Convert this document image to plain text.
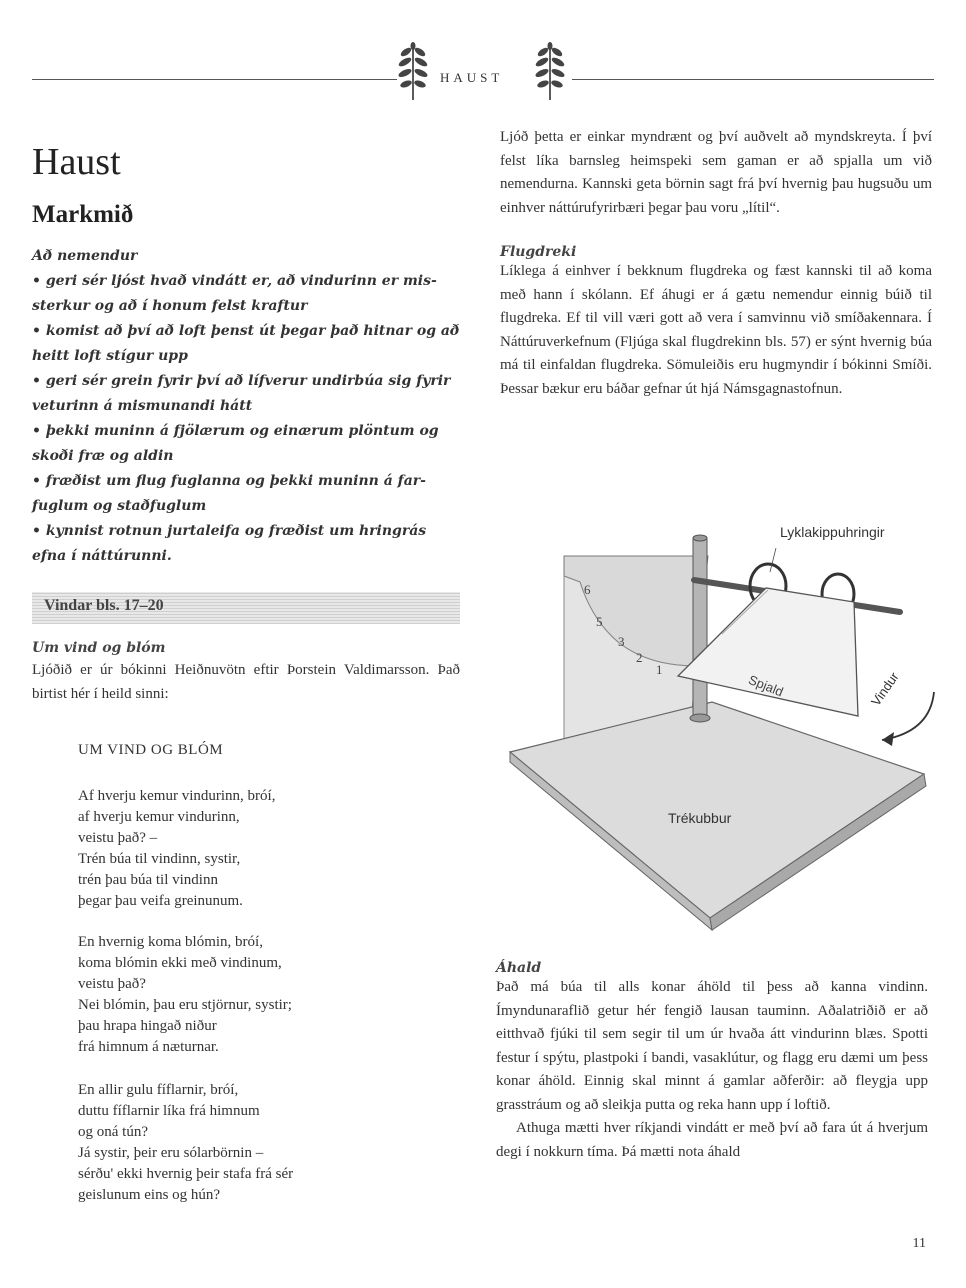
HAUST
Haust
Markmið
Að nemendur
• geri sér ljóst hvað vindátt er, að vindurinn er mis-
sterkur og að í honum felst kraftur
• komist að því að loft þenst út þegar það hitnar og að
heitt loft stígur upp
• geri sér grein fyrir því að lífverur undirbúa sig fyrir
veturinn á mismunandi hátt
• þekki muninn á fjölærum og einærum plöntum og
skoði fræ og aldin
• fræðist um flug fuglanna og þekki muninn á far-
fuglum og staðfuglum
• kynnist rotnun jurtaleifa og fræðist um hringrás
efna í náttúrunni.
Vindar bls. 17–20
Um vind og blóm
Ljóðið er úr bókinni Heiðnuvötn eftir Þorstein Valdimarsson. Það birtist hér í heild sinni:
UM VIND OG BLÓM
Af hverju kemur vindurinn, bróí,
af hverju kemur vindurinn,
veistu það? –
Trén búa til vindinn, systir,
trén þau búa til vindinn
þegar þau veifa greinunum.
En hvernig koma blómin, bróí,
koma blómin ekki með vindinum,
veistu það?
Nei blómin, þau eru stjörnur, systir;
þau hrapa hingað niður
frá himnum á næturnar.
En allir gulu fíflarnir, bróí,
duttu fíflarnir líka frá himnum
og oná tún?
Já systir, þeir eru sólarbörnin –
sérðu' ekki hvernig þeir stafa frá sér
geislunum eins og hún?
Ljóð þetta er einkar myndrænt og því auðvelt að myndskreyta. Í því felst líka barnsleg heimspeki sem gaman er að spjalla um við nemendurna. Kannski geta börnin sagt frá því hvernig þau hugsuðu um einhver náttúrufyrirbæri þegar þau voru „lítil“.
Flugdreki
Líklega á einhver í bekknum flugdreka og fæst kannski til að koma með hann í skólann. Ef áhugi er á gætu nemendur einnig búið til flugdreka. Ef til vill væri gott að vera í samvinnu við smíðakennara. Í Náttúruverkefnum (Fljúga skal flugdrekinn bls. 57) er sýnt hvernig búa má til einfaldan flugdreka. Sömuleiðis eru hugmyndir í bókinni Smíði. Þessar bækur eru báðar gefnar út hjá Námsgagnastofnun.
6
5
3
2
1
Lyklakippuhringir
Spjald	Vindur
Trékubbur
Áhald
Það má búa til alls konar áhöld til þess að kanna vindinn. Ímyndunaraflið getur hér fengið lausan tauminn. Aðalatriðið er að eitthvað fjúki til sem segir til um úr hvaða átt vindurinn blæs. Spotti festur í spýtu, plastpoki í bandi, vasaklútur, og flagg eru dæmi um þess konar áhöld. Einnig skal minnt á gamlar aðferðir: að fleygja upp grasstráum og að sleikja putta og reka hann upp í loftið.
Athuga mætti hver ríkjandi vindátt er með því að fara út á hverjum degi í nokkurn tíma. Þá mætti nota áhald
11
